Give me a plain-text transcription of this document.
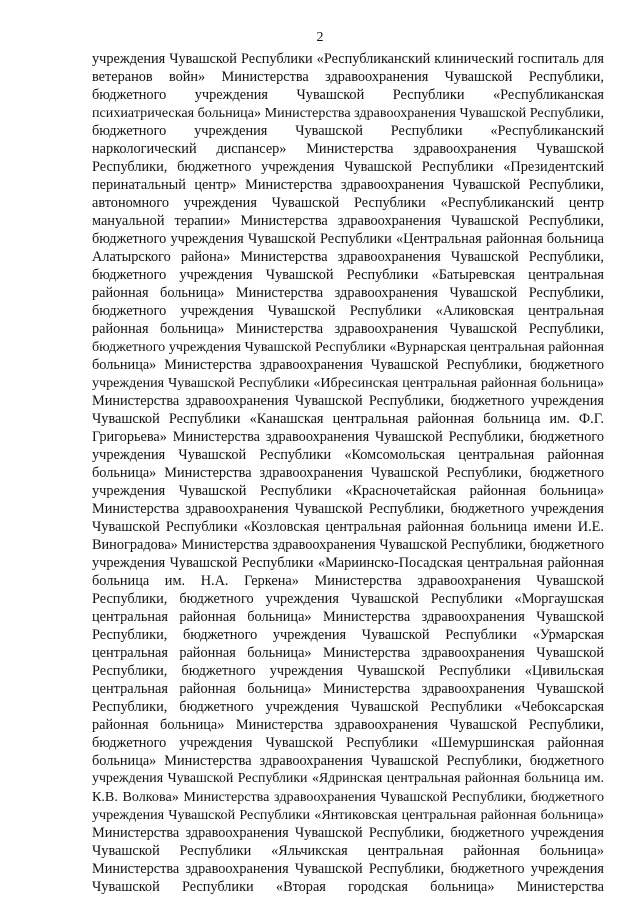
2
учреждения Чувашской Республики «Республиканский клинический госпиталь для
ветеранов войн» Министерства здравоохранения Чувашской Республики,
бюджетного учреждения Чувашской Республики «Республиканская
психиатрическая больница» Министерства здравоохранения Чувашской Республики,
бюджетного учреждения Чувашской Республики «Республиканский
наркологический диспансер» Министерства здравоохранения Чувашской
Республики, бюджетного учреждения Чувашской Республики «Президентский
перинатальный центр» Министерства здравоохранения Чувашской Республики,
автономного учреждения Чувашской Республики «Республиканский центр
мануальной терапии» Министерства здравоохранения Чувашской Республики,
бюджетного учреждения Чувашской Республики «Центральная районная больница
Алатырского района» Министерства здравоохранения Чувашской Республики,
бюджетного учреждения Чувашской Республики «Батыревская центральная
районная больница» Министерства здравоохранения Чувашской Республики,
бюджетного учреждения Чувашской Республики «Аликовская центральная
районная больница» Министерства здравоохранения Чувашской Республики,
бюджетного учреждения Чувашской Республики «Вурнарская центральная районная
больница» Министерства здравоохранения Чувашской Республики, бюджетного
учреждения Чувашской Республики «Ибресинская центральная районная больница»
Министерства здравоохранения Чувашской Республики, бюджетного учреждения
Чувашской Республики «Канашская центральная районная больница им. Ф.Г.
Григорьева» Министерства здравоохранения Чувашской Республики, бюджетного
учреждения Чувашской Республики «Комсомольская центральная районная
больница» Министерства здравоохранения Чувашской Республики, бюджетного
учреждения Чувашской Республики «Красночетайская районная больница»
Министерства здравоохранения Чувашской Республики, бюджетного учреждения
Чувашской Республики «Козловская центральная районная больница имени И.Е.
Виноградова» Министерства здравоохранения Чувашской Республики, бюджетного
учреждения Чувашской Республики «Мариинско-Посадская центральная районная
больница им. Н.А. Геркена» Министерства здравоохранения Чувашской
Республики, бюджетного учреждения Чувашской Республики «Моргаушская
центральная районная больница» Министерства здравоохранения Чувашской
Республики, бюджетного учреждения Чувашской Республики «Урмарская
центральная районная больница» Министерства здравоохранения Чувашской
Республики, бюджетного учреждения Чувашской Республики «Цивильская
центральная районная больница» Министерства здравоохранения Чувашской
Республики, бюджетного учреждения Чувашской Республики «Чебоксарская
районная больница» Министерства здравоохранения Чувашской Республики,
бюджетного учреждения Чувашской Республики «Шемуршинская районная
больница» Министерства здравоохранения Чувашской Республики, бюджетного
учреждения Чувашской Республики «Ядринская центральная районная больница им.
К.В. Волкова» Министерства здравоохранения Чувашской Республики, бюджетного
учреждения Чувашской Республики «Янтиковская центральная районная больница»
Министерства здравоохранения Чувашской Республики, бюджетного учреждения
Чувашской Республики «Яльчикская центральная районная больница»
Министерства здравоохранения Чувашской Республики, бюджетного учреждения
Чувашской Республики «Вторая городская больница» Министерства
